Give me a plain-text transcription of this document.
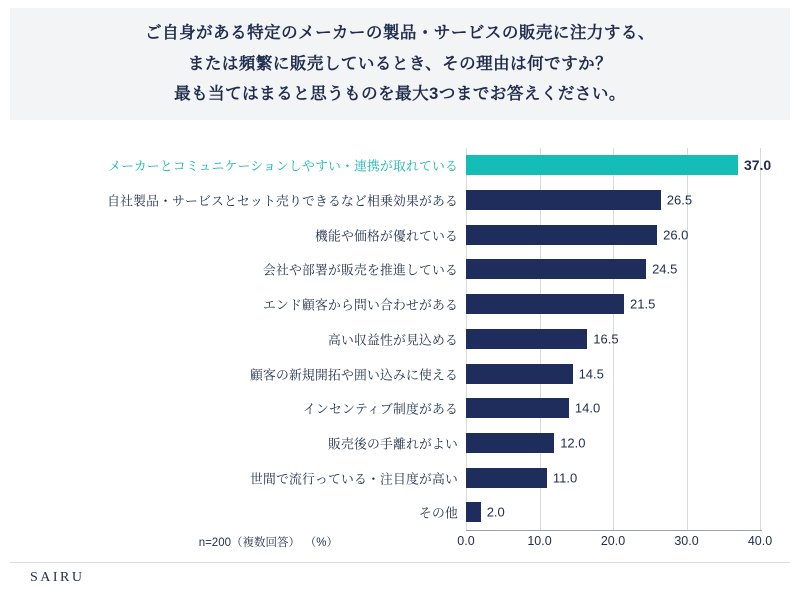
ご自身がある特定のメーカーの製品・サービスの販売に注力する、
または頻繁に販売しているとき、その理由は何ですか？
最も当てはまると思うものを最大3つまでお答えください。
メーカーとコミュニケーションしやすい・連携が取れている	37.0
自社製品・サービスとセット売りできるなど相乗効果がある	26.5
機能や価格が優れている	26.0
会社や部署が販売を推進している	24.5
エンド顧客から問い合わせがある	21.5
高い収益性が見込める	16.5
顧客の新規開拓や囲い込みに使える	14.5
インセンティブ制度がある	14.0
販売後の手離れがよい	12.0
世間で流行っている・注目度が高い	11.0
その他 2.0
0.0	10.0	20.0	30.0	40.0
n=200（複数回答） （%）
SAIRU
